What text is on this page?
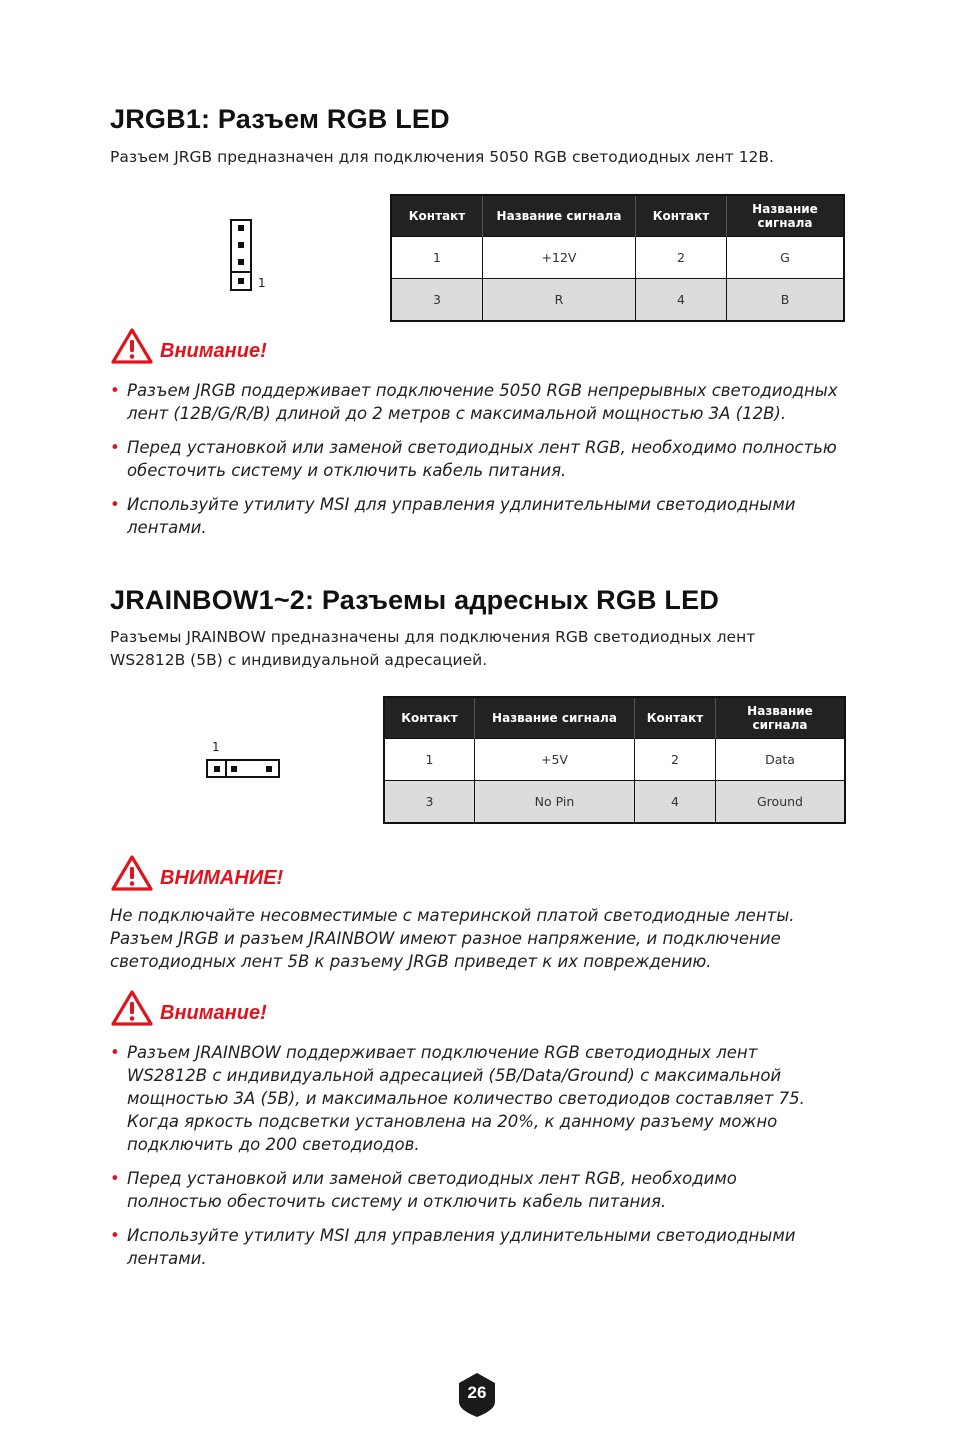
JRGB1: Разъем RGB LED

Разъем JRGB предназначен для подключения 5050 RGB светодиодных лент 12В.

1
Контакт	Название сигнала	Контакт	Название сигнала
1	+12V	2	G
3	R	4	B
Внимание!
• Разъем JRGB поддерживает подключение 5050 RGB непрерывных светодиодных лент (12В/G/R/B) длиной до 2 метров с максимальной мощностью 3А (12В).
• Перед установкой или заменой светодиодных лент RGB, необходимо полностью обесточить систему и отключить кабель питания.
• Используйте утилиту MSI для управления удлинительными светодиодными лентами.
JRAINBOW1~2: Разъемы адресных RGB LED

Разъемы JRAINBOW предназначены для подключения RGB светодиодных лент WS2812B (5В) с индивидуальной адресацией.

1
Контакт	Название сигнала	Контакт	Название сигнала
1	+5V	2	Data
3	No Pin	4	Ground
ВНИМАНИЕ!

Не подключайте несовместимые с материнской платой светодиодные ленты. Разъем JRGB и разъем JRAINBOW имеют разное напряжение, и подключение светодиодных лент 5В к разъему JRGB приведет к их повреждению.

Внимание!
• Разъем JRAINBOW поддерживает подключение RGB светодиодных лент WS2812B с индивидуальной адресацией (5В/Data/Ground) с максимальной мощностью 3A (5В), и максимальное количество светодиодов составляет 75. Когда яркость подсветки установлена на 20%, к данному разъему можно подключить до 200 светодиодов.
• Перед установкой или заменой светодиодных лент RGB, необходимо полностью обесточить систему и отключить кабель питания.
• Используйте утилиту MSI для управления удлинительными светодиодными лентами.
26
